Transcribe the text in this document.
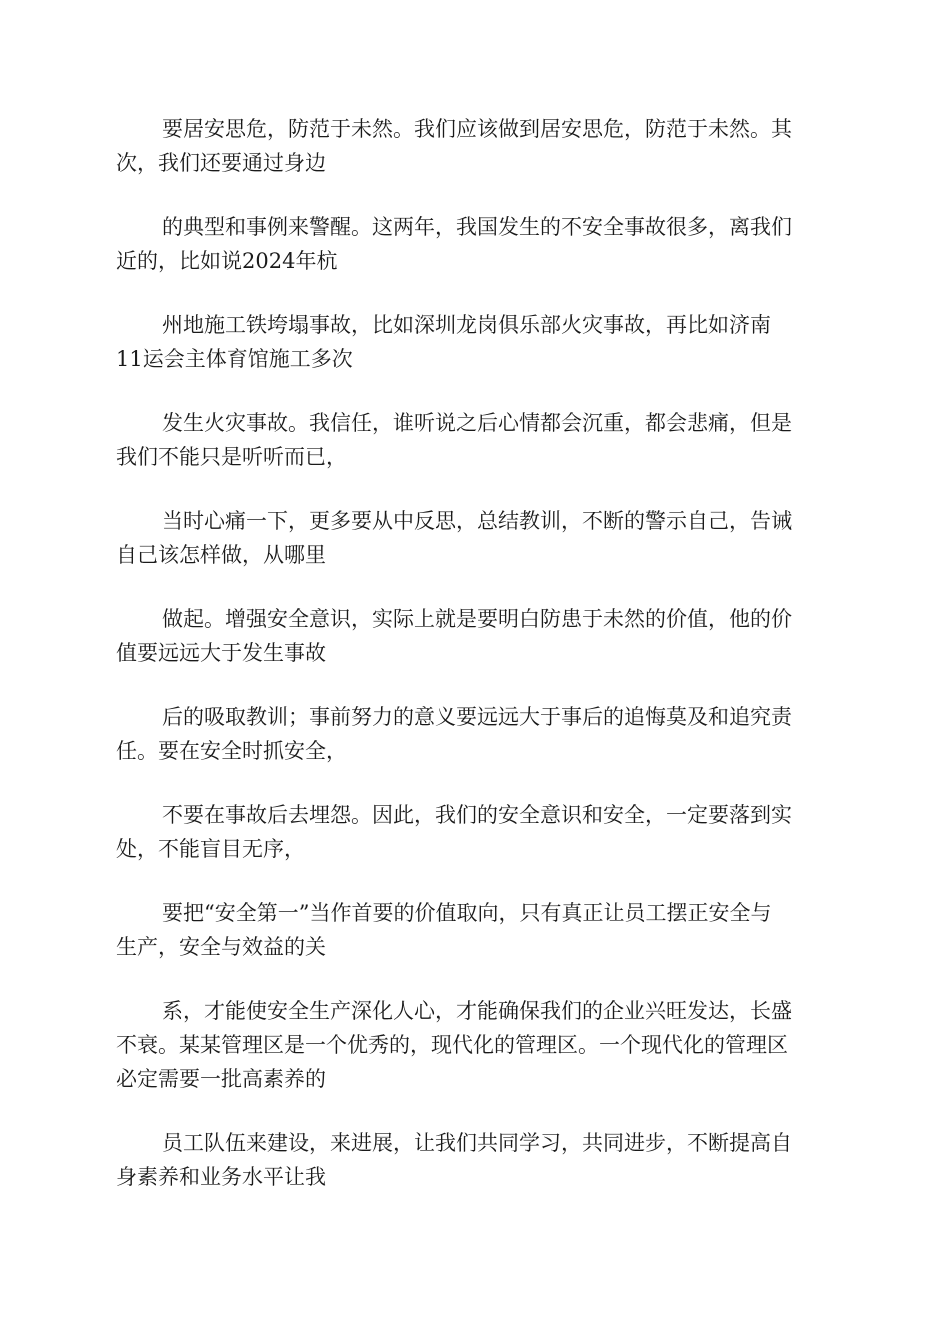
要居安思危，防范于未然。我们应该做到居安思危，防范于未然。其
次，我们还要通过身边

的典型和事例来警醒。这两年，我国发生的不安全事故很多，离我们
近的，比如说2024年杭

州地施工铁垮塌事故，比如深圳龙岗俱乐部火灾事故，再比如济南
11运会主体育馆施工多次

发生火灾事故。我信任，谁听说之后心情都会沉重，都会悲痛，但是
我们不能只是听听而已，

当时心痛一下，更多要从中反思，总结教训，不断的警示自己，告诫
自己该怎样做，从哪里

做起。增强安全意识，实际上就是要明白防患于未然的价值，他的价
值要远远大于发生事故

后的吸取教训；事前努力的意义要远远大于事后的追悔莫及和追究责
任。要在安全时抓安全，

不要在事故后去埋怨。因此，我们的安全意识和安全，一定要落到实
处，不能盲目无序，

要把“安全第一”当作首要的价值取向，只有真正让员工摆正安全与
生产，安全与效益的关

系，才能使安全生产深化人心，才能确保我们的企业兴旺发达，长盛
不衰。某某管理区是一个优秀的，现代化的管理区。一个现代化的管理区
必定需要一批高素养的

员工队伍来建设，来进展，让我们共同学习，共同进步，不断提高自
身素养和业务水平让我
